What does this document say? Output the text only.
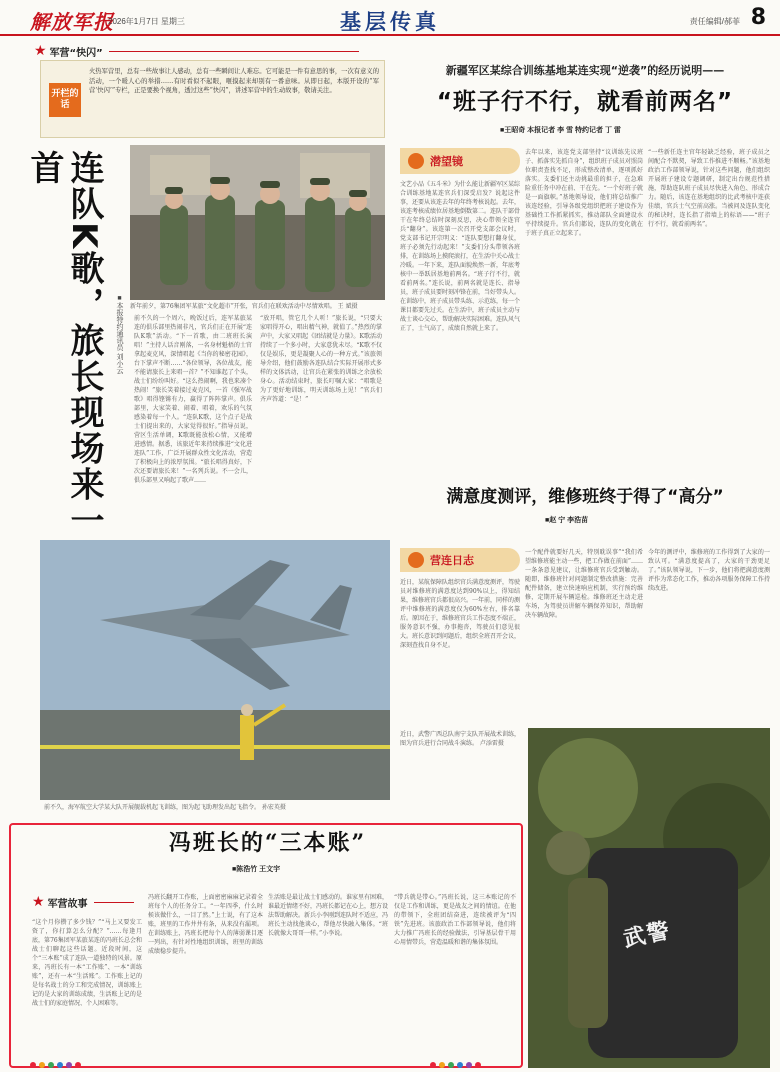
解放军报
2026年1月7日 星期三	基层传真	责任编辑/郝菲 8
★ 军营“快闪”
开栏的话
火热军营里，总有一些故事让人感动，总有一些瞬间让人难忘。它可能是一件有意思的事，一次有意义的活动，一个暖人心的举措……有时看似不起眼，咂摸起来却别有一番意味。从即日起，本版开设的“军营‘快闪’”专栏，正是要换个视角，透过这些“快闪”，讲述军营中的生动故事，敬请关注。
连队K歌，旅长现场来一首
■本报特约通讯员 刘小云 新年前夕，第76集团军某旅“文化超市”开张，官兵们在联欢活动中尽情欢唱。 王 斌摄
前不久的一个周六，晚饭过后，连军某旅某连的俱乐部里热闹非凡，官兵们正在开展“连队K歌”活动。“下一首歌，由二班班长演唱！”主持人话音刚落，一名身材魁梧的士官拿起麦克风，深情唱起《当你的秘密花园》，台下掌声不断……“各位领导，各位战友，能不能请旅长上来唱一首？”不知谁起了个头，战士们纷纷叫好。“这么热闹啊，我也来凑个热闹！”旅长笑着接过麦克风，一首《强军战歌》唱得铿锵有力，赢得了阵阵掌声。俱乐部里，大家笑着、闹着、唱着，欢乐的气氛感染着每一个人。“连队K歌，这个点子是战士们提出来的，大家觉得很好。”指导员说，营区生活单调，K歌既能放松心情，又能增进感情。据悉，该旅近年来持续推进“文化进连队”工作，广泛开展群众性文化活动，营造了积极向上的浓厚氛围。“旅长唱得真好，下次还要请旅长来！”一名列兵说。不一会儿，俱乐部里又响起了歌声……
“放开唱，管它几个人听！”旅长说，“只要大家唱得开心，唱出精气神，就值了。”热烈的掌声中，大家又唱起《团结就是力量》。K歌活动持续了一个多小时，大家意犹未尽。“K歌不仅仅是娱乐，更是凝聚人心的一种方式。”该旅领导介绍，他们鼓励各连队结合实际开展形式多样的文体活动，让官兵在紧张的训练之余放松身心。活动结束时，旅长叮嘱大家：“唱歌是为了更好地训练，明天训练场上见！”官兵们齐声答道：“是！”
新疆军区某综合训练基地某连实现“逆袭”的经历说明——
“班子行不行，就看前两名”
■王昭奇 本报记者 李 雪 特约记者 丁 雷
潜望镜
文艺小品《五斗米》为什么能让新疆军区某综合训练基地某连官兵们深受启发？说起这件事，还要从该连去年的年终考核说起。去年，该连考核成绩位居基地倒数第二。连队干部骨干在年终总结时深刻反思，决心带领全连官兵“翻身”。该连第一次召开党支部会议时，党支部书记开宗明义：“连队要想打翻身仗，班子必须先行动起来！”支委们分头带领各班排，在训练场上摸爬滚打，在生活中关心战士冷暖。一年下来，连队面貌焕然一新，年底考核中一举跃居基地前两名。“班子行不行，就看前两名。”连长说，前两名就是连长、指导员，班子成员要时刻冲锋在前，当好带头人。在训练中，班子成员带头练、示范练，每一个课目都要先过关。在生活中，班子成员主动与战士谈心交心，帮助解决实际困难。连队风气正了，士气高了，成绩自然就上来了。
去年以来，该连党支部坚持“议训练先议班子、抓落实先抓自身”，组织班子成员对照岗位职责查找不足，形成整改清单，逐项抓好落实。支委们还主动挑最重的担子，在急难险重任务中冲在前、干在先。“一个好班子就是一面旗帜。”基地领导说，他们将总结推广该连经验，引导各级党组织把班子建设作为基础性工作抓紧抓实，推动部队全面建设水平持续提升。官兵们都说，连队的变化就在于班子真正立起来了。
“一些新任连主官年轻缺乏经验，班子成员之间配合不默契，导致工作推进不顺畅。”该基地政治工作部领导说，针对这些问题，他们组织开展班子建设专题调研，制定出台规范性措施，帮助连队班子成员尽快进入角色、形成合力。随后，该连在基地组织的比武考核中连获佳绩，官兵士气空前高涨。当被问及连队变化的秘诀时，连长指了指墙上的标语——“班子行不行，就看前两名”。
满意度测评，维修班终于得了“高分”
■赵 宁 李浩苗
营连日志
近日，某航保障队组织官兵满意度测评，驾驶员对维修班的满意度达到90%以上，得知结果，维修班官兵都很高兴。一年前，同样的测评中维修班的满意度仅为60%左右，排名靠后。原因在于，维修班官兵工作态度不端正，服务意识不强，办事拖沓，驾驶员们意见很大。班长意识到问题后，组织全班召开会议，深刻查找自身不足。
一个配件就要好几天，特别耽误事”“我们希望维修班能主动一些，把工作做在前面”……一条条意见建议，让维修班官兵受到触动。随即，维修班针对问题制定整改措施：完善配件储备，建立快速响应机制，实行预约维修，定期开展车辆巡检。维修班还主动走进车场，为驾驶员讲解车辆保养知识，帮助解决车辆故障。
今年的测评中，维修班的工作得到了大家的一致认可。“满意度提高了，大家的干劲更足了。”该队领导说，下一步，他们将把满意度测评作为常态化工作，推动各项服务保障工作持续改进。
前不久，海军航空大学某大队开展舰载机起飞训练，图为起飞助理发出起飞指令。 孙宏英摄
近日，武警广西总队南宁支队开展战术训练，图为官兵进行合同战斗演练。 卢添雷摄
武警
冯班长的“三本账”
■陈浩竹 王文宇
★ 军营故事
“这个月你攒了多少钱？”“马上又要发工资了，你打算怎么分配？”……每逢月底，第76集团军某旅某连的冯班长总会和战士们聊起这些话题。近段时间，这个“三本账”成了连队一道独特的风景。原来，冯班长有一本“工作账”、一本“训练账”，还有一本“生活账”。工作账上记的是每名战士的分工和完成情况，训练账上记的是大家的训练成绩，生活账上记的是战士们的家庭情况、个人困难等。
冯班长翻开工作账，上面密密麻麻记录着全班每个人的任务分工。“一年四季，什么时候该做什么，一目了然。”上士说，有了这本账，班里的工作井井有条，从来没有漏项。在训练账上，冯班长把每个人的薄弱课目逐一列出，有针对性地组织训练，班里的训练成绩稳步提升。
生活账是最让战士们感动的。谁家里有困难，谁最近情绪不好，冯班长都记在心上，想方设法帮助解决。新兵小李刚到连队时不适应，冯班长主动找他谈心，帮他尽快融入集体。“班长就像大哥哥一样。”小李说。
“带兵就是带心。”冯班长说，这三本账记的不仅是工作和训练，更是战友之间的情谊。在他的带领下，全班团结奋进，连续被评为“四铁”先进班。该旅政治工作部领导说，他们将大力推广冯班长的经验做法，引导基层骨干用心用情带兵，营造温暖和谐的集体氛围。
